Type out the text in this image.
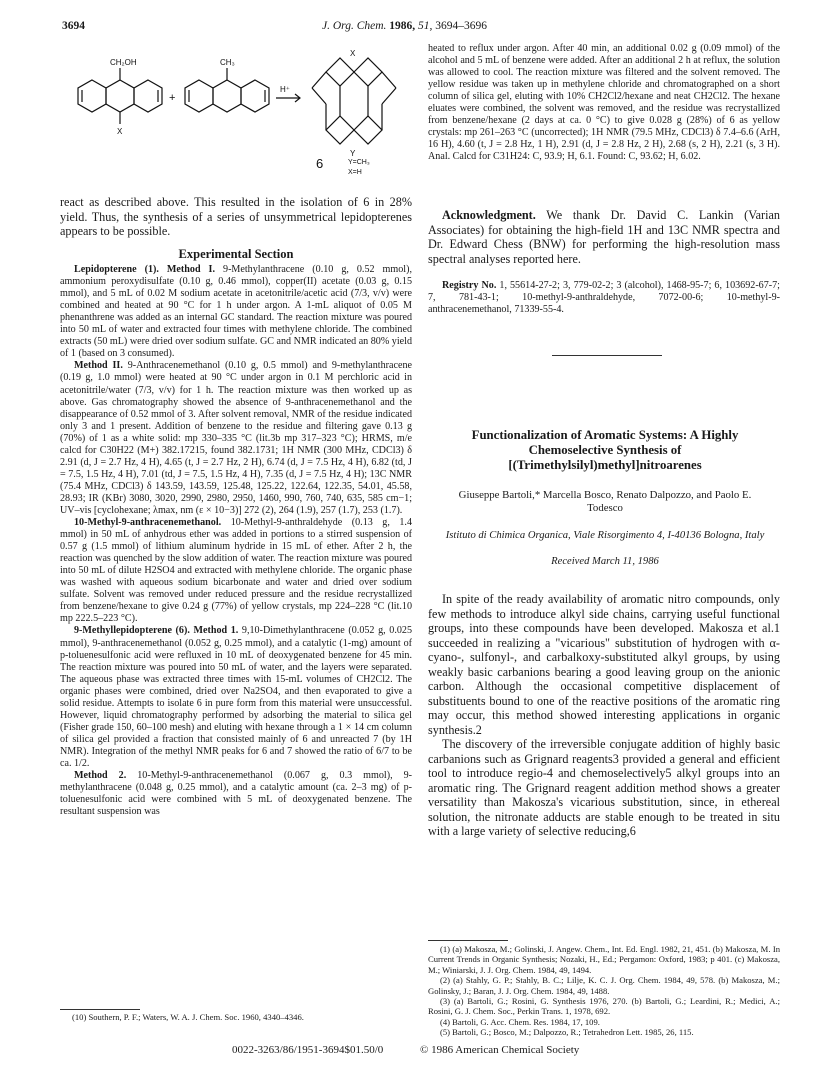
3694	J. Org. Chem. 1986, 51, 3694–3696
CH₂OH
X
CH₃
+
H⁺
X
Y
6	Y=CH₃
X=H

react as described above. This resulted in the isolation of 6 in 28% yield. Thus, the synthesis of a series of unsymmetrical lepidopterenes appears to be possible.

Experimental Section

Lepidopterene (1). Method I. 9-Methylanthracene (0.10 g, 0.52 mmol), ammonium peroxydisulfate (0.10 g, 0.46 mmol), copper(II) acetate (0.03 g, 0.15 mmol), and 5 mL of 0.02 M sodium acetate in acetonitrile/acetic acid (7/3, v/v) were combined and heated at 90 °C for 1 h under argon. A 1-mL aliquot of 0.05 M phenanthrene was added as an internal GC standard. The reaction mixture was poured into 50 mL of water and extracted four times with methylene chloride. The combined extracts (50 mL) were dried over sodium sulfate. GC and NMR indicated an 80% yield of 1 (based on 3 consumed).

Method II. 9-Anthracenemethanol (0.10 g, 0.5 mmol) and 9-methylanthracene (0.19 g, 1.0 mmol) were heated at 90 °C under argon in 0.1 M perchloric acid in acetonitrile/water (7/3, v/v) for 1 h. The reaction mixture was then worked up as above. Gas chromatography showed the absence of 9-anthracenemethanol and the disappearance of 0.52 mmol of 3. After solvent removal, NMR of the residue indicated only 3 and 1 present. Addition of benzene to the residue and filtering gave 0.13 g (70%) of 1 as a white solid: mp 330–335 °C (lit.3b mp 317–323 °C); HRMS, m/e calcd for C30H22 (M+) 382.17215, found 382.1731; 1H NMR (300 MHz, CDCl3) δ 2.91 (d, J = 2.7 Hz, 4 H), 4.65 (t, J = 2.7 Hz, 2 H), 6.74 (d, J = 7.5 Hz, 4 H), 6.82 (td, J = 7.5, 1.5 Hz, 4 H), 7.01 (td, J = 7.5, 1.5 Hz, 4 H), 7.35 (d, J = 7.5 Hz, 4 H); 13C NMR (75.4 MHz, CDCl3) δ 143.59, 143.59, 125.48, 125.22, 122.64, 122.35, 54.01, 45.58, 28.93; IR (KBr) 3080, 3020, 2990, 2980, 2950, 1460, 990, 760, 740, 635, 585 cm−1; UV–vis [cyclohexane; λmax, nm (ε × 10−3)] 272 (2), 264 (1.9), 257 (1.7), 253 (1.7).

10-Methyl-9-anthracenemethanol. 10-Methyl-9-anthraldehyde (0.13 g, 1.4 mmol) in 50 mL of anhydrous ether was added in portions to a stirred suspension of 0.57 g (1.5 mmol) of lithium aluminum hydride in 15 mL of ether. After 2 h, the reaction was quenched by the slow addition of water. The reaction mixture was poured into 50 mL of dilute H2SO4 and extracted with methylene chloride. The organic phase was washed with aqueous sodium bicarbonate and water and dried over sodium sulfate. Solvent was removed under reduced pressure and the residue recrystallized from benzene/hexane to give 0.24 g (77%) of yellow crystals, mp 224–228 °C (lit.10 mp 222.5–223 °C).

9-Methyllepidopterene (6). Method 1. 9,10-Dimethylanthracene (0.052 g, 0.025 mmol), 9-anthracenemethanol (0.052 g, 0.25 mmol), and a catalytic (1-mg) amount of p-toluenesulfonic acid were refluxed in 10 mL of deoxygenated benzene for 45 min. The reaction mixture was poured into 50 mL of water, and the layers were separated. The aqueous phase was extracted three times with 15-mL volumes of CH2Cl2. The organic phases were combined, dried over Na2SO4, and then evaporated to give a solid residue. Attempts to isolate 6 in pure form from this material were unsuccessful. However, liquid chromatography performed by adsorbing the material to silica gel (Fisher grade 150, 60–100 mesh) and eluting with hexane through a 1 × 14 cm column of silica gel provided a fraction that consisted mainly of 6 and unreacted 7 (by 1H NMR). Integration of the methyl NMR peaks for 6 and 7 showed the ratio of 6/7 to be ca. 1/2.

Method 2. 10-Methyl-9-anthracenemethanol (0.067 g, 0.3 mmol), 9-methylanthracene (0.048 g, 0.25 mmol), and a catalytic amount (ca. 2–3 mg) of p-toluenesulfonic acid were combined with 5 mL of deoxygenated benzene. The resultant suspension was

(10) Southern, P. F.; Waters, W. A. J. Chem. Soc. 1960, 4340–4346.

heated to reflux under argon. After 40 min, an additional 0.02 g (0.09 mmol) of the alcohol and 5 mL of benzene were added. After an additional 2 h at reflux, the solution was allowed to cool. The reaction mixture was filtered and the solvent removed. The yellow residue was taken up in methylene chloride and chromatographed on a short column of silica gel, eluting with 10% CH2Cl2/hexane and neat CH2Cl2. The hexane eluates were combined, the solvent was removed, and the residue was recrystallized from benzene/hexane (2 days at ca. 0 °C) to give 0.028 g (28%) of 6 as yellow crystals: mp 261–263 °C (uncorrected); 1H NMR (79.5 MHz, CDCl3) δ 7.4–6.6 (ArH, 16 H), 4.60 (t, J = 2.8 Hz, 1 H), 2.91 (d, J = 2.8 Hz, 2 H), 2.68 (s, 2 H), 2.21 (s, 3 H). Anal. Calcd for C31H24: C, 93.9; H, 6.1. Found: C, 93.62; H, 6.02.

Acknowledgment. We thank Dr. David C. Lankin (Varian Associates) for obtaining the high-field 1H and 13C NMR spectra and Dr. Edward Chess (BNW) for performing the high-resolution mass spectral analyses reported here.

Registry No. 1, 55614-27-2; 3, 779-02-2; 3 (alcohol), 1468-95-7; 6, 103692-67-7; 7, 781-43-1; 10-methyl-9-anthraldehyde, 7072-00-6; 10-methyl-9-anthracenemethanol, 71339-55-4.

Functionalization of Aromatic Systems: A Highly Chemoselective Synthesis of [(Trimethylsilyl)methyl]nitroarenes

Giuseppe Bartoli,* Marcella Bosco, Renato Dalpozzo, and Paolo E. Todesco

Istituto di Chimica Organica, Viale Risorgimento 4, I-40136 Bologna, Italy

Received March 11, 1986

In spite of the ready availability of aromatic nitro compounds, only few methods to introduce alkyl side chains, carrying useful functional groups, into these compounds have been developed. Makosza et al.1 succeeded in realizing a "vicarious" substitution of hydrogen with α-cyano-, sulfonyl-, and carbalkoxy-substituted alkyl groups, by using weakly basic carbanions bearing a good leaving group on the anionic carbon. Although the occasional competitive displacement of substituents bound to one of the reactive positions of the aromatic ring may occur, this method showed interesting applications in organic synthesis.2

The discovery of the irreversible conjugate addition of highly basic carbanions such as Grignard reagents3 provided a general and efficient tool to introduce regio-4 and chemoselectively5 alkyl groups into an aromatic ring. The Grignard reagent addition method shows a greater versatility than Makosza's vicarious substitution, since, in ethereal solution, the nitronate adducts are stable enough to be treated in situ with a large variety of selective reducing,6

(1) (a) Makosza, M.; Golinski, J. Angew. Chem., Int. Ed. Engl. 1982, 21, 451. (b) Makosza, M. In Current Trends in Organic Synthesis; Nozaki, H., Ed.; Pergamon: Oxford, 1983; p 401. (c) Makosza, M.; Winiarski, J. J. Org. Chem. 1984, 49, 1494.

(2) (a) Stahly, G. P.; Stahly, B. C.; Lilje, K. C. J. Org. Chem. 1984, 49, 578. (b) Makosza, M.; Golinsky, J.; Baran, J. J. Org. Chem. 1984, 49, 1488.

(3) (a) Bartoli, G.; Rosini, G. Synthesis 1976, 270. (b) Bartoli, G.; Leardini, R.; Medici, A.; Rosini, G. J. Chem. Soc., Perkin Trans. 1, 1978, 692.

(4) Bartoli, G. Acc. Chem. Res. 1984, 17, 109.

(5) Bartoli, G.; Bosco, M.; Dalpozzo, R.; Tetrahedron Lett. 1985, 26, 115.

0022-3263/86/1951-3694$01.50/0	© 1986 American Chemical Society
